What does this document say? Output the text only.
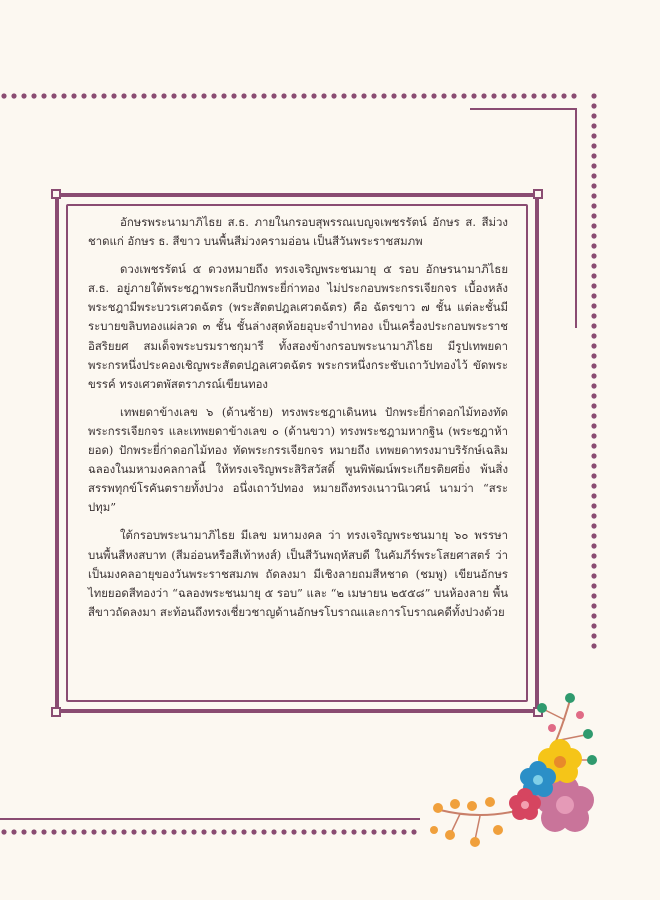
อักษรพระนามาภิไธย ส.ธ. ภายในกรอบสุพรรณเบญจเพชรรัตน์ อักษร ส. สีม่วงชาดแก่ อักษร ธ. สีขาว บนพื้นสีม่วงครามอ่อน เป็นสีวันพระราชสมภพ

ดวงเพชรรัตน์ ๕ ดวงหมายถึง ทรงเจริญพระชนมายุ ๕ รอบ อักษรนามาภิไธย ส.ธ. อยู่ภายใต้พระชฎาพระกลีบปักพระยี่ก่าทอง ไม่ประกอบพระกรรเจียกจร เบื้องหลังพระชฎามีพระบวรเศวตฉัตร (พระสัตตปฎลเศวตฉัตร) คือ ฉัตรขาว ๗ ชั้น แต่ละชั้นมีระบายขลิบทองแผ่ลวด ๓ ชั้น ชั้นล่างสุดห้อยอุบะจำปาทอง เป็นเครื่องประกอบพระราชอิสริยยศ สมเด็จพระบรมราชกุมารี ทั้งสองข้างกรอบพระนามาภิไธย มีรูปเทพยดา พระกรหนึ่งประคองเชิญพระสัตตปฎลเศวตฉัตร พระกรหนึ่งกระชับเถาวัปทองไว้ ขัดพระขรรค์ ทรงเศวตพัสตราภรณ์เขียนทอง

เทพยดาข้างเลข ๖ (ด้านซ้าย) ทรงพระชฎาเดินหน ปักพระยี่ก่าดอกไม้ทองทัดพระกรรเจียกจร และเทพยดาข้างเลข ๐ (ด้านขวา) ทรงพระชฎามหากฐิน (พระชฎาห้ายอด) ปักพระยี่ก่าดอกไม้ทอง ทัดพระกรรเจียกจร หมายถึง เทพยดาทรงมาบริรักษ์เฉลิมฉลองในมหามงคลกาลนี้ ให้ทรงเจริญพระสิริสวัสดิ์ พูนพิพัฒน์พระเกียรติยศยิ่ง พ้นสิ่งสรรพทุกข์โรคันตรายทั้งปวง อนึ่งเถาวัปทอง หมายถึงทรงเนาวนิเวศน์ นามว่า “สระปทุม”

ใต้กรอบพระนามาภิไธย มีเลข มหามงคล ว่า ทรงเจริญพระชนมายุ ๖๐ พรรษา บนพื้นสีหงสบาท (สีมอ่อนหรือสีเท้าหงส์) เป็นสีวันพฤหัสบดี ในคัมภีร์พระโสยศาสตร์ ว่าเป็นมงคลอายุของวันพระราชสมภพ ถัดลงมา มีเชิงลายถมสีหชาด (ชมพู) เขียนอักษรไทยยอดสีทองว่า “ฉลองพระชนมายุ ๕ รอบ” และ “๒ เมษายน ๒๕๕๘” บนห้องลาย พื้นสีขาวถัดลงมา สะท้อนถึงทรงเชี่ยวชาญด้านอักษรโบราณและการโบราณคดีทั้งปวงด้วย
